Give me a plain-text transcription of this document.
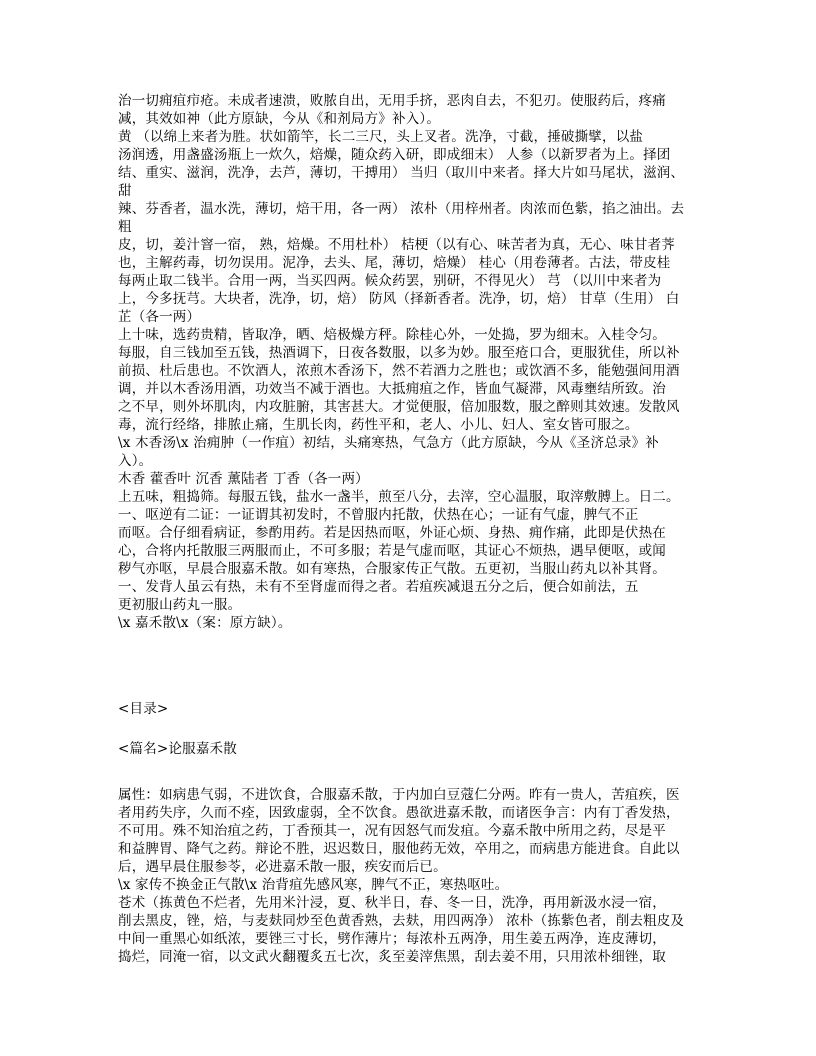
治一切痈疽疖疮。未成者速溃，败脓自出，无用手挤，恶肉自去，不犯刃。使服药后，疼痛
减，其效如神（此方原缺，今从《和剂局方》补入）。
黄 （以绵上来者为胜。状如箭竿，长二三尺，头上叉者。洗净，寸截，捶破撕擘，以盐
汤润透，用盏盛汤瓶上一炊久，焙燥，随众药入研，即成细末） 人参（以新罗者为上。择团
结、重实、滋润，洗净，去芦，薄切，干搏用） 当归（取川中来者。择大片如马尾状，滋润、
甜
辣、芬香者，温水洗，薄切，焙干用，各一两） 浓朴（用梓州者。肉浓而色紫，掐之油出。去
粗
皮，切，姜汁窨一宿， 熟，焙燥。不用杜朴） 桔梗（以有心、味苦者为真，无心、味甘者荠
也，主解药毒，切勿误用。泥净，去头、尾，薄切，焙燥） 桂心（用卷薄者。古法，带皮桂
每两止取二钱半。合用一两，当买四两。候众药罢，别研，不得见火） 芎 （以川中来者为
上，今多抚芎。大块者，洗净，切，焙） 防风（择新香者。洗净，切，焙） 甘草（生用） 白
芷（各一两）
上十味，选药贵精，皆取净，晒、焙极燥方秤。除桂心外，一处捣，罗为细末。入桂令匀。
每服，自三钱加至五钱，热酒调下，日夜各数服，以多为妙。服至疮口合，更服犹佳，所以补
前损、杜后患也。不饮酒人，浓煎木香汤下，然不若酒力之胜也；或饮酒不多，能勉强间用酒
调，并以木香汤用酒，功效当不减于酒也。大抵痈疽之作，皆血气凝滞，风毒壅结所致。治
之不早，则外坏肌肉，内攻脏腑，其害甚大。才觉便服，倍加服数，服之醉则其效速。发散风
毒，流行经络，排脓止痛，生肌长肉，药性平和，老人、小儿、妇人、室女皆可服之。
\x 木香汤\x 治痈肿（一作疽）初结，头痛寒热，气急方（此方原缺，今从《圣济总录》补
入）。
木香 藿香叶 沉香 薰陆者 丁香（各一两）
上五味，粗捣筛。每服五钱，盐水一盏半，煎至八分，去滓，空心温服，取滓敷膊上。日二。
一、呕逆有二证：一证谓其初发时，不曾服内托散，伏热在心；一证有气虚，脾气不正
而呕。合仔细看病证，参酌用药。若是因热而呕，外证心烦、身热、痈作痛，此即是伏热在
心，合将内托散服三两服而止，不可多服；若是气虚而呕，其证心不烦热，遇早便呕，或闻
秽气亦呕，早晨合服嘉禾散。如有寒热，合服家传正气散。五更初，当服山药丸以补其肾。
一、发背人虽云有热，未有不至肾虚而得之者。若疽疾减退五分之后，便合如前法，五
更初服山药丸一服。
\x 嘉禾散\x（案：原方缺）。
<目录>
<篇名>论服嘉禾散
属性：如病患气弱，不进饮食，合服嘉禾散，于内加白豆蔻仁分两。昨有一贵人，苦疽疾，医
者用药失序，久而不痊，因致虚弱，全不饮食。愚欲进嘉禾散，而诸医争言：内有丁香发热，
不可用。殊不知治疽之药，丁香预其一，况有因怒气而发疽。今嘉禾散中所用之药，尽是平
和益脾胃、降气之药。辩论不胜，迟迟数日，服他药无效，卒用之，而病患方能进食。自此以
后，遇早晨住服参苓，必进嘉禾散一服，疾安而后已。
\x 家传不换金正气散\x 治背疽先感风寒，脾气不正，寒热呕吐。
苍术（拣黄色不烂者，先用米汁浸，夏、秋半日，春、冬一日，洗净，再用新汲水浸一宿，
削去黑皮，锉，焙，与麦麸同炒至色黄香熟，去麸，用四两净） 浓朴（拣紫色者，削去粗皮及
中间一重黑心如纸浓，要锉三寸长，劈作薄片；每浓朴五两净，用生姜五两净，连皮薄切，
捣烂，同淹一宿，以文武火翻覆炙五七次，炙至姜滓焦黑，刮去姜不用，只用浓朴细锉，取
